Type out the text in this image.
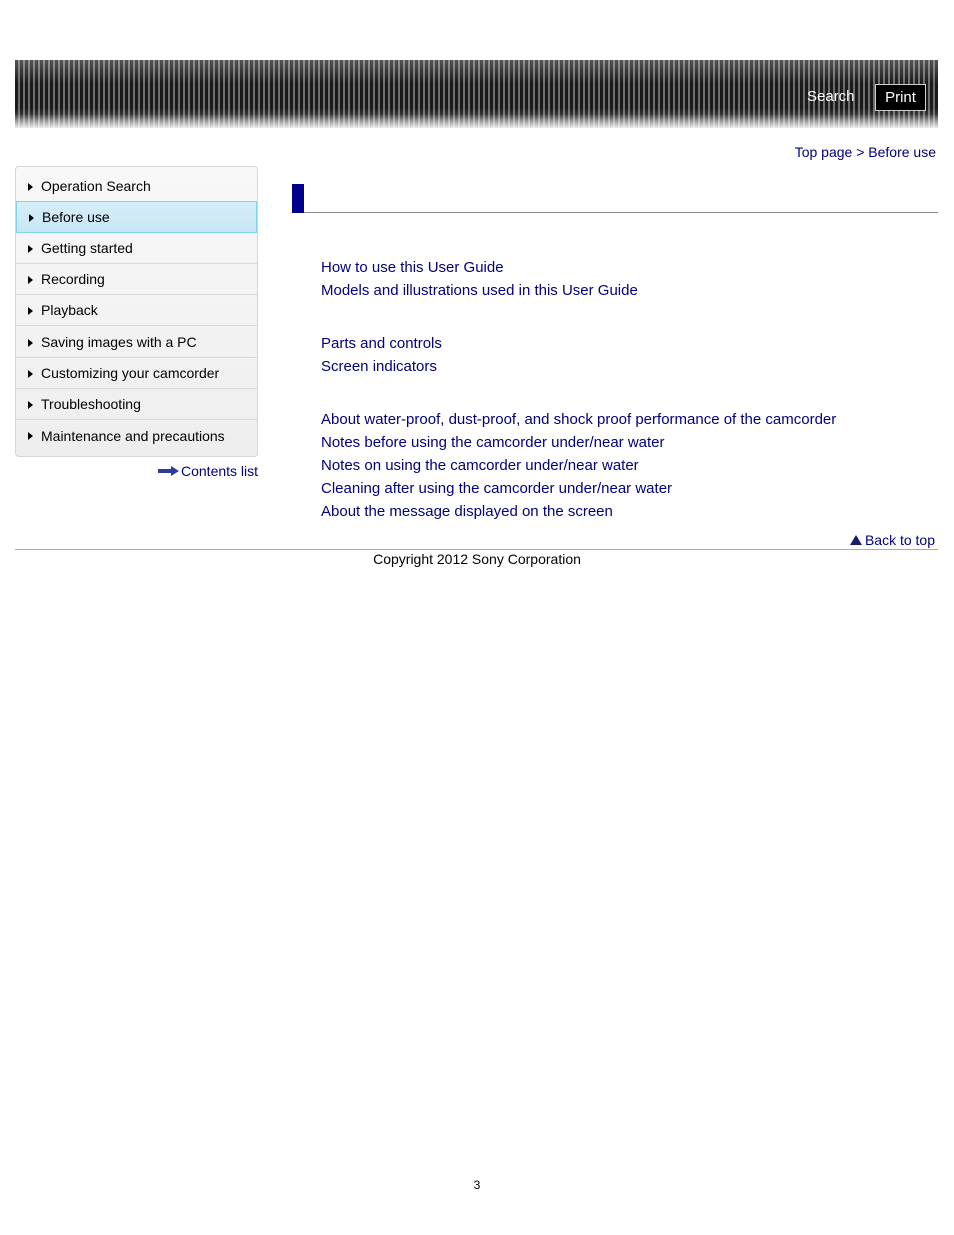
Search	Print
Top page > Before use
Operation Search
Before use
Getting started
Recording
Playback
Saving images with a PC
Customizing your camcorder
Troubleshooting
Maintenance and precautions
Contents list
How to use this User Guide
Models and illustrations used in this User Guide
Parts and controls
Screen indicators
About water-proof, dust-proof, and shock proof performance of the camcorder
Notes before using the camcorder under/near water
Notes on using the camcorder under/near water
Cleaning after using the camcorder under/near water
About the message displayed on the screen
Back to top
Copyright 2012 Sony Corporation
3
